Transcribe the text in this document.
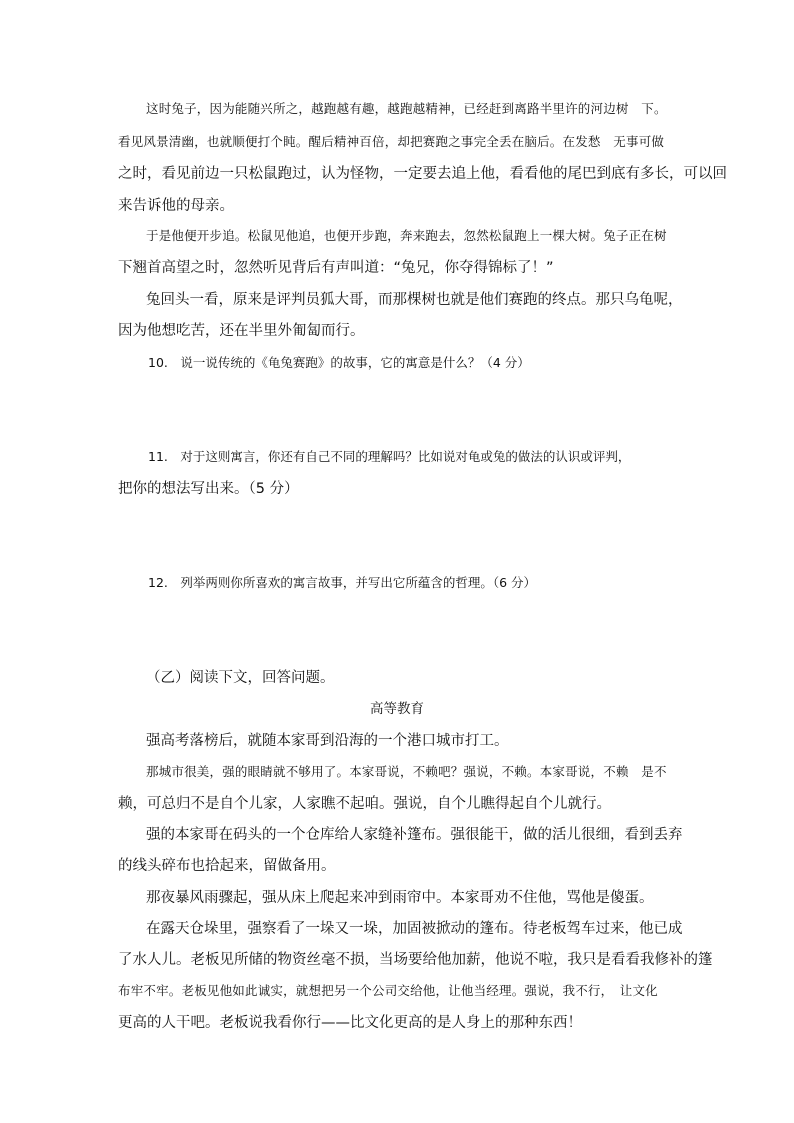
这时兔子，因为能随兴所之，越跑越有趣，越跑越精神，已经赶到离路半里许的河边树　下。
看见风景清幽，也就顺便打个盹。醒后精神百倍，却把赛跑之事完全丢在脑后。在发愁　无事可做
之时，看见前边一只松鼠跑过，认为怪物，一定要去追上他，看看他的尾巴到底有多长，可以回
来告诉他的母亲。
于是他便开步追。松鼠见他追，也便开步跑，奔来跑去，忽然松鼠跑上一棵大树。兔子正在树
下翘首高望之时，忽然听见背后有声叫道：“兔兄，你夺得锦标了！”
兔回头一看，原来是评判员狐大哥，而那棵树也就是他们赛跑的终点。那只乌龟呢，
因为他想吃苦，还在半里外匍匐而行。
10.　说一说传统的《龟兔赛跑》的故事，它的寓意是什么？（4 分）
11.　对于这则寓言，你还有自己不同的理解吗？比如说对龟或兔的做法的认识或评判，
把你的想法写出来。（5 分）
12.　列举两则你所喜欢的寓言故事，并写出它所蕴含的哲理。（6 分）
（乙）阅读下文，回答问题。
高等教育
强高考落榜后，就随本家哥到沿海的一个港口城市打工。
那城市很美，强的眼睛就不够用了。本家哥说，不赖吧？强说，不赖。本家哥说，不赖　是不
赖，可总归不是自个儿家，人家瞧不起咱。强说，自个儿瞧得起自个儿就行。
强的本家哥在码头的一个仓库给人家缝补篷布。强很能干，做的活儿很细，看到丢弃
的线头碎布也拾起来，留做备用。
那夜暴风雨骤起，强从床上爬起来冲到雨帘中。本家哥劝不住他，骂他是傻蛋。
在露天仓垛里，强察看了一垛又一垛，加固被掀动的篷布。待老板驾车过来，他已成
了水人儿。老板见所储的物资丝毫不损，当场要给他加薪，他说不啦，我只是看看我修补的篷
布牢不牢。老板见他如此诚实，就想把另一个公司交给他，让他当经理。强说，我不行，　让文化
更高的人干吧。老板说我看你行——比文化更高的是人身上的那种东西！
